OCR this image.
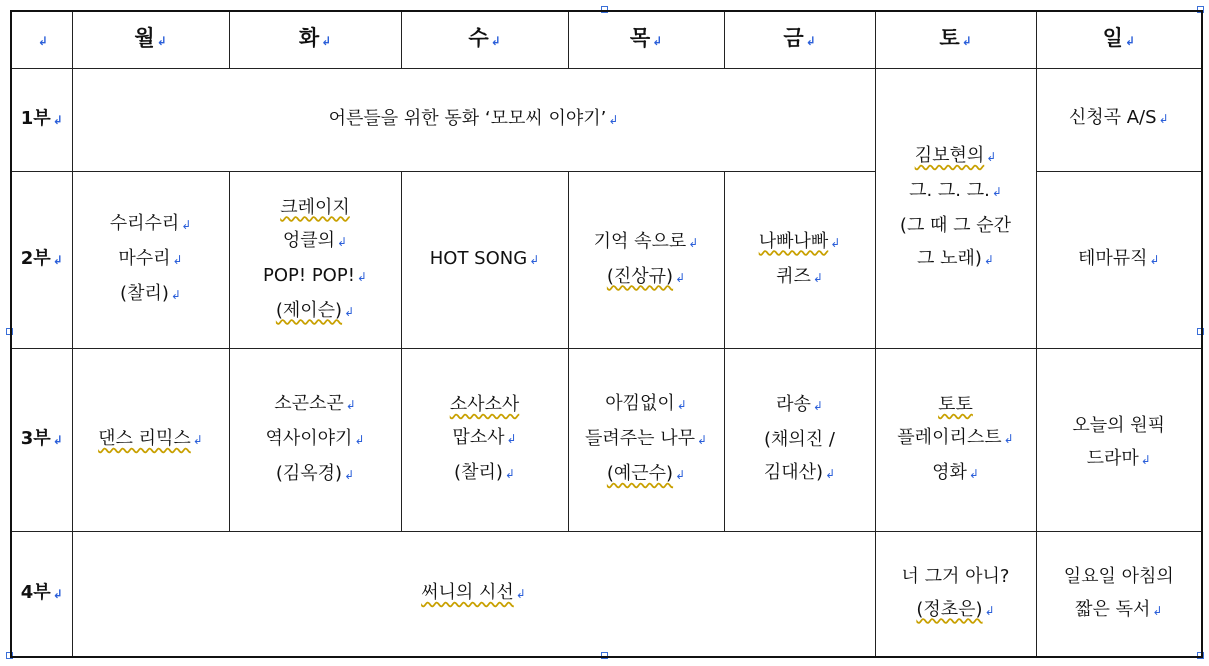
↲	월 ↲	화 ↲	수 ↲	목 ↲	금 ↲	토 ↲	일 ↲
1부 ↲	어른들을 위한 동화 ‘모모씨 이야기’ ↲					김보현의 ↲
그. 그. 그. ↲
(그 때 그 순간
그 노래) ↲	신청곡 A/S ↲
2부 ↲	수리수리 ↲
마수리 ↲
(찰리) ↲	크레이지
엉클의 ↲
POP! POP! ↲
(제이슨) ↲	HOT SONG ↲	기억 속으로 ↲
(진상규) ↲	나빠나빠 ↲
퀴즈 ↲		테마뮤직 ↲
3부 ↲	댄스 리믹스 ↲	소곤소곤 ↲
역사이야기 ↲
(김옥경) ↲	소사소사
맙소사 ↲
(찰리) ↲	아낌없이 ↲
들려주는 나무 ↲
(예근수) ↲	라송 ↲
(채의진 /
김대산) ↲	토토
플레이리스트 ↲
영화 ↲	오늘의 원픽
드라마 ↲

4부 ↲	써니의 시선 ↲					너 그거 아니?
(정초은) ↲	일요일 아침의
짧은 독서 ↲
